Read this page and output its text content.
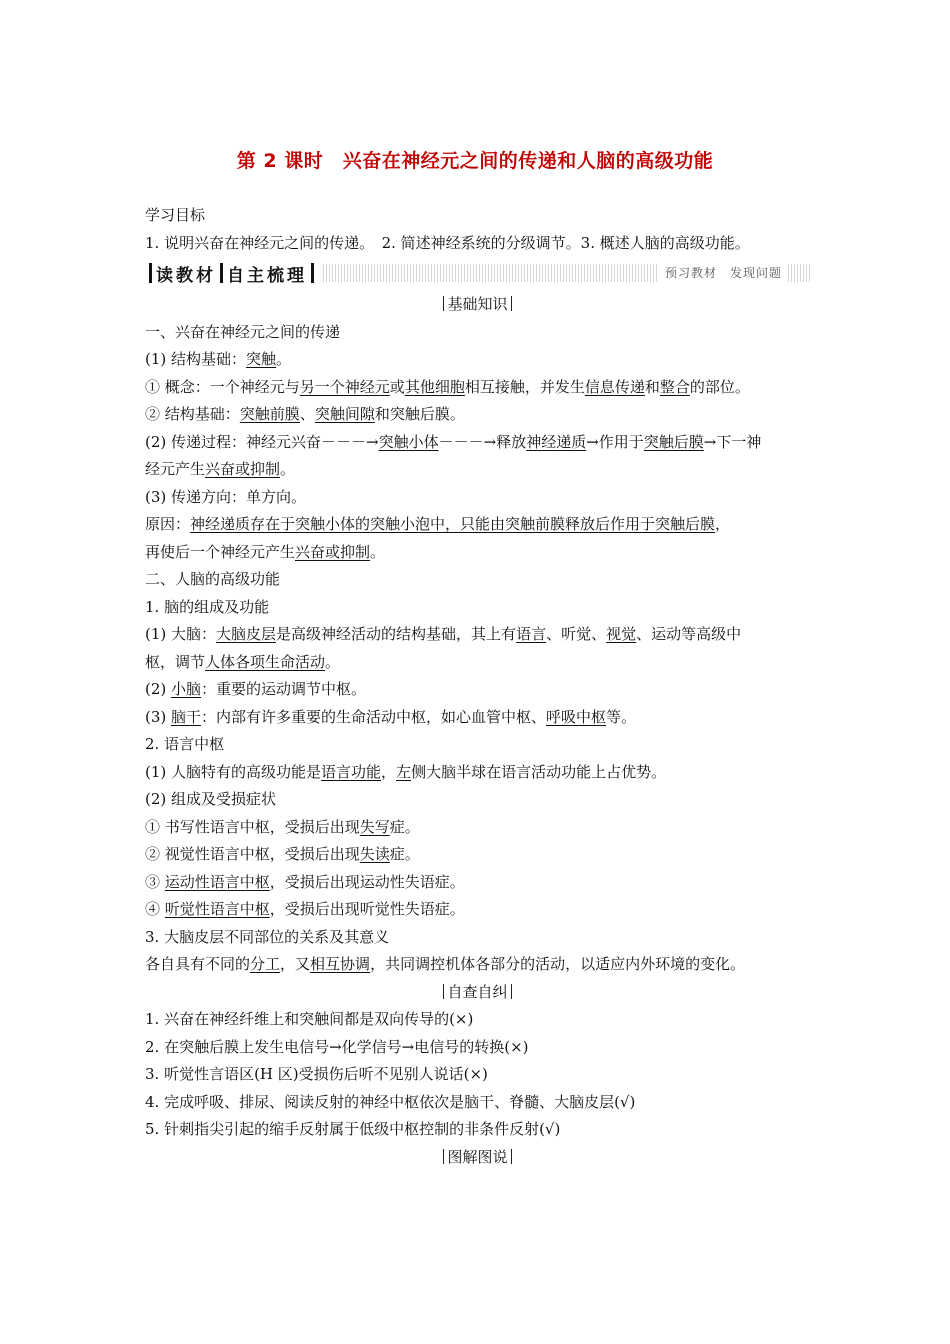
第 2 课时　兴奋在神经元之间的传递和人脑的高级功能
学习目标
1. 说明兴奋在神经元之间的传递。　2. 简述神经系统的分级调节。3. 概述人脑的高级功能。
读教材 自主梳理	预习教材　发现问题
基础知识
一、兴奋在神经元之间的传递
(1) 结构基础：突触。
① 概念：一个神经元与另一个神经元或其他细胞相互接触，并发生信息传递和整合的部位。
② 结构基础：突触前膜、突触间隙和突触后膜。
(2) 传递过程：神经元兴奋－－－→突触小体－－－→释放神经递质→作用于突触后膜→下一神
经元产生兴奋或抑制。
(3) 传递方向：单方向。
原因：神经递质存在于突触小体的突触小泡中，只能由突触前膜释放后作用于突触后膜，
再使后一个神经元产生兴奋或抑制。
二、人脑的高级功能
1. 脑的组成及功能
(1) 大脑：大脑皮层是高级神经活动的结构基础，其上有语言、听觉、视觉、运动等高级中
枢，调节人体各项生命活动。
(2) 小脑：重要的运动调节中枢。
(3) 脑干：内部有许多重要的生命活动中枢，如心血管中枢、呼吸中枢等。
2. 语言中枢
(1) 人脑特有的高级功能是语言功能，左侧大脑半球在语言活动功能上占优势。
(2) 组成及受损症状
① 书写性语言中枢，受损后出现失写症。
② 视觉性语言中枢，受损后出现失读症。
③ 运动性语言中枢，受损后出现运动性失语症。
④ 听觉性语言中枢，受损后出现听觉性失语症。
3. 大脑皮层不同部位的关系及其意义
各自具有不同的分工，又相互协调，共同调控机体各部分的活动，以适应内外环境的变化。
自查自纠
1. 兴奋在神经纤维上和突触间都是双向传导的(×)
2. 在突触后膜上发生电信号→化学信号→电信号的转换(×)
3. 听觉性言语区(H 区)受损伤后听不见别人说话(×)
4. 完成呼吸、排尿、阅读反射的神经中枢依次是脑干、脊髓、大脑皮层(√)
5. 针刺指尖引起的缩手反射属于低级中枢控制的非条件反射(√)
图解图说
